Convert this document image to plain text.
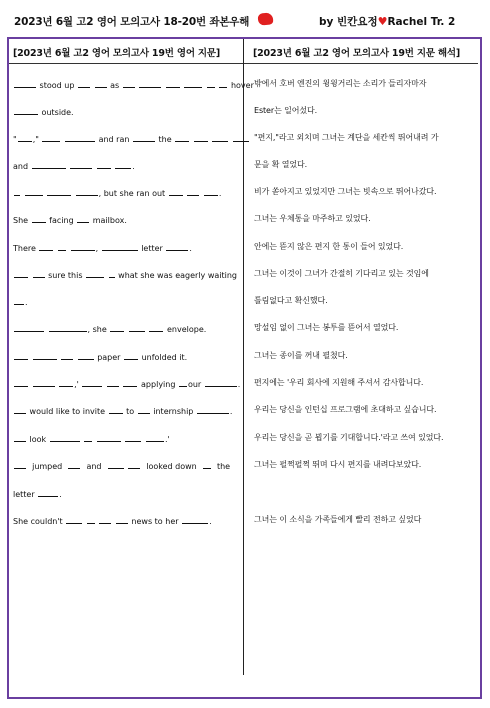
2023년 6월 고2 영어 모의고사 18-20번 좌본우해	by 빈칸요정♥Rachel Tr. 2
[2023년 6월 고2 영어 모의고사 19번 영어 지문]	[2023년 6월 고2 영어 모의고사 19번 지문 해석]
stood up	as	hover
outside.
" ,"	and ran	the
and	.
, but she ran out	.
She	facing mailbox.
There	,	letter	.
sure this	what she was eagerly waiting
.
, she	envelope.
paper	unfolded it.
,'	applying our	.
would like to invite	to internship	.
look	.'
jumped	and	looked down	the
letter	.
She couldn't	news to her	.
밖에서 호버 엔진의 윙윙거리는 소리가 들리자마자
Ester는 일어섰다.
"편지,"라고 외치며 그녀는 계단을 세칸씩 뛰어내려 가
문을 확 열었다.
비가 쏟아지고 있었지만 그녀는 빗속으로 뛰어나갔다.
그녀는 우체통을 마주하고 있었다.
안에는 뜯지 않은 편지 한 통이 들어 있었다.
그녀는 이것이 그녀가 간절히 기다리고 있는 것임에
틀림없다고 확신했다.
망설임 없이 그녀는 봉투를 뜯어서 열었다.
그녀는 종이를 꺼내 펼쳤다.
편지에는 '우리 회사에 지원해 주셔서 감사합니다.
우리는 당신을 인턴십 프로그램에 초대하고 싶습니다.
우리는 당신을 곧 뵙기를 기대합니다.'라고 쓰여 있었다.
그녀는 펄쩍펄쩍 뛰며 다시 편지를 내려다보았다.
그녀는 이 소식을 가족들에게 빨리 전하고 싶었다
